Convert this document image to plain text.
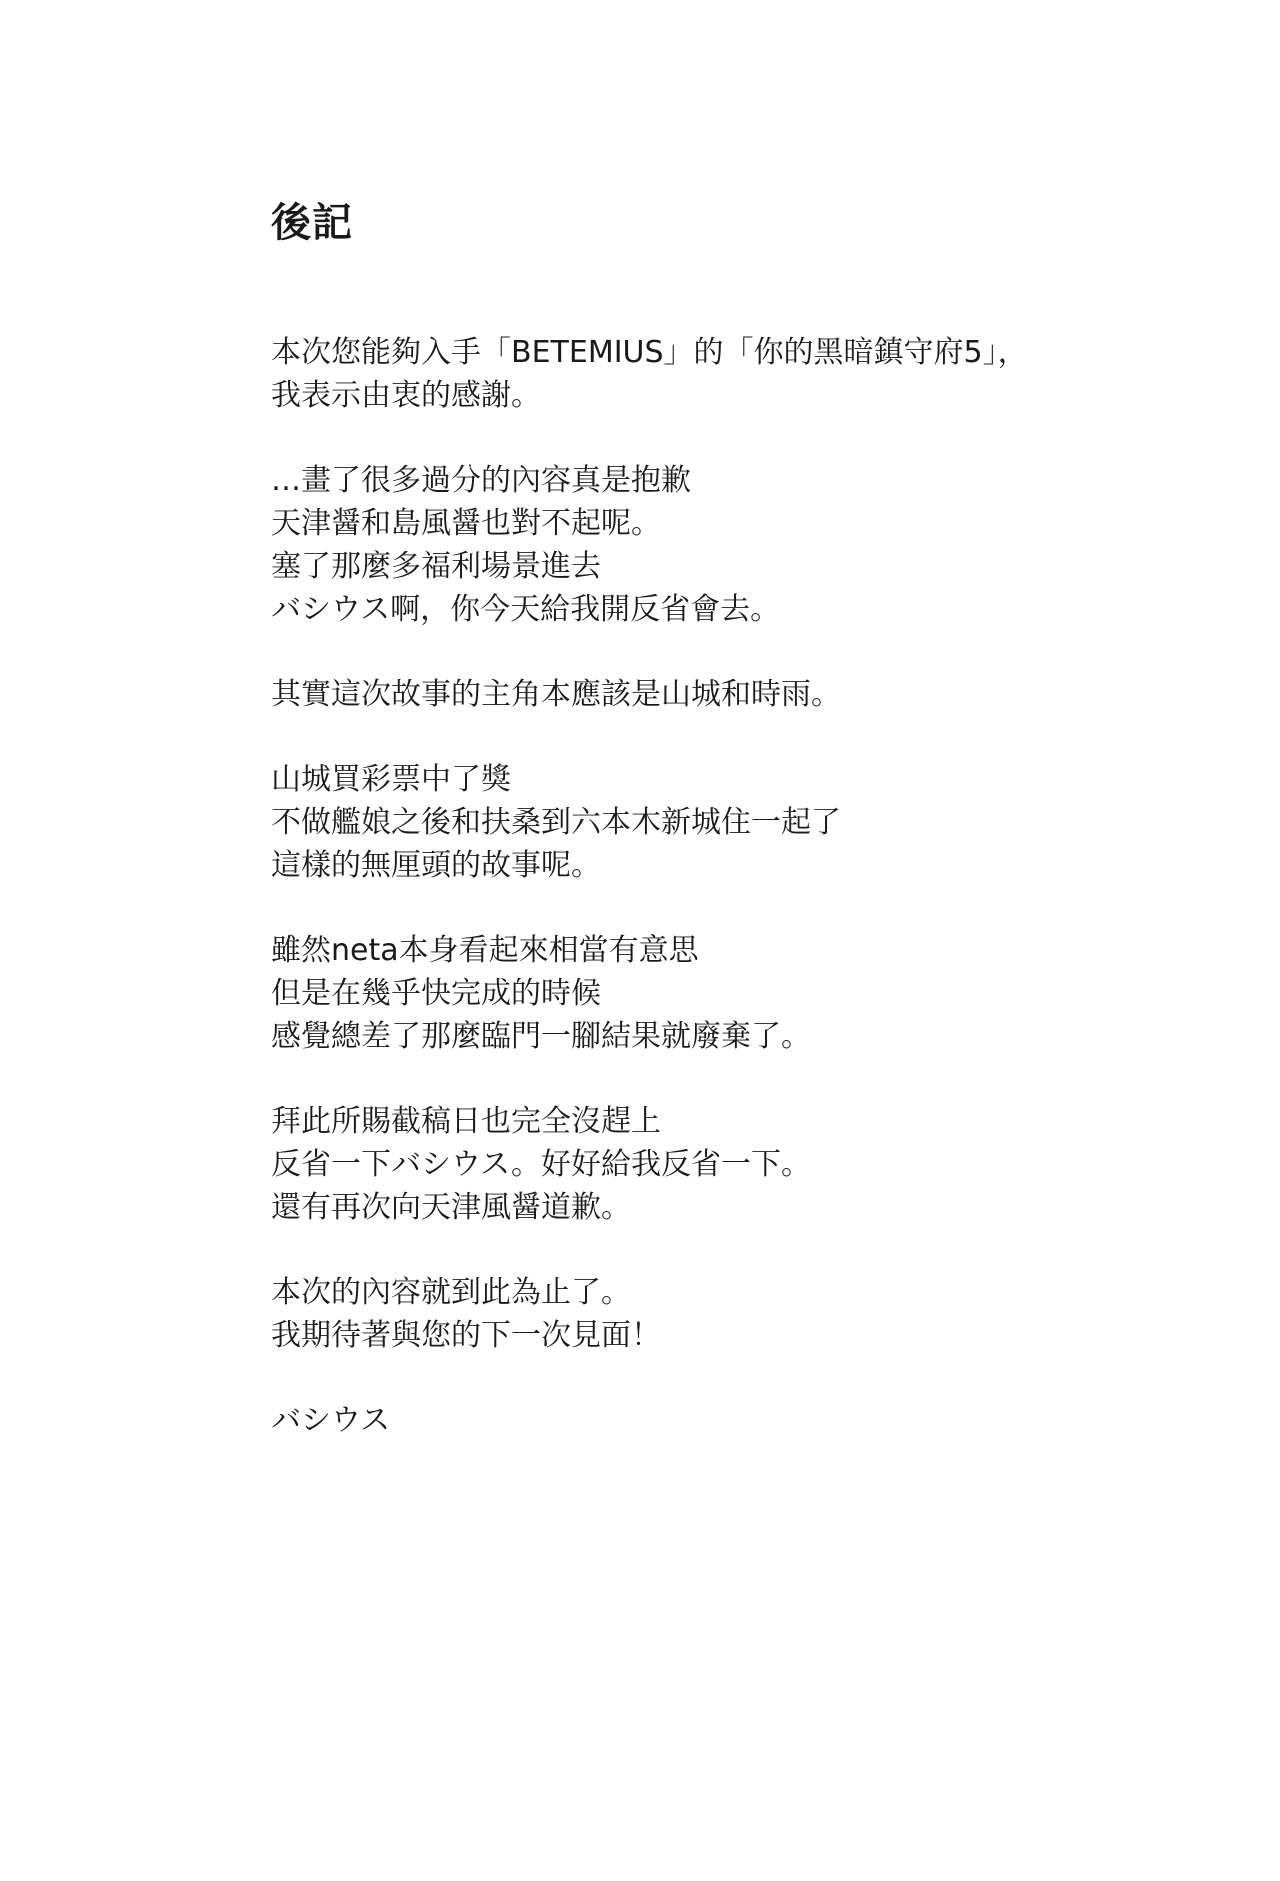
後記
本次您能夠入手「BETEMIUS」的「你的黑暗鎮守府5」，
我表示由衷的感謝。
…畫了很多過分的內容真是抱歉
天津醤和島風醤也對不起呢。
塞了那麼多福利場景進去
バシウス啊，你今天給我開反省會去。
其實這次故事的主角本應該是山城和時雨。
山城買彩票中了獎
不做艦娘之後和扶桑到六本木新城住一起了
這樣的無厘頭的故事呢。
雖然neta本身看起來相當有意思
但是在幾乎快完成的時候
感覺總差了那麼臨門一腳結果就廢棄了。
拜此所賜截稿日也完全沒趕上
反省一下バシウス。好好給我反省一下。
還有再次向天津風醤道歉。
本次的內容就到此為止了。
我期待著與您的下一次見面！
バシウス
